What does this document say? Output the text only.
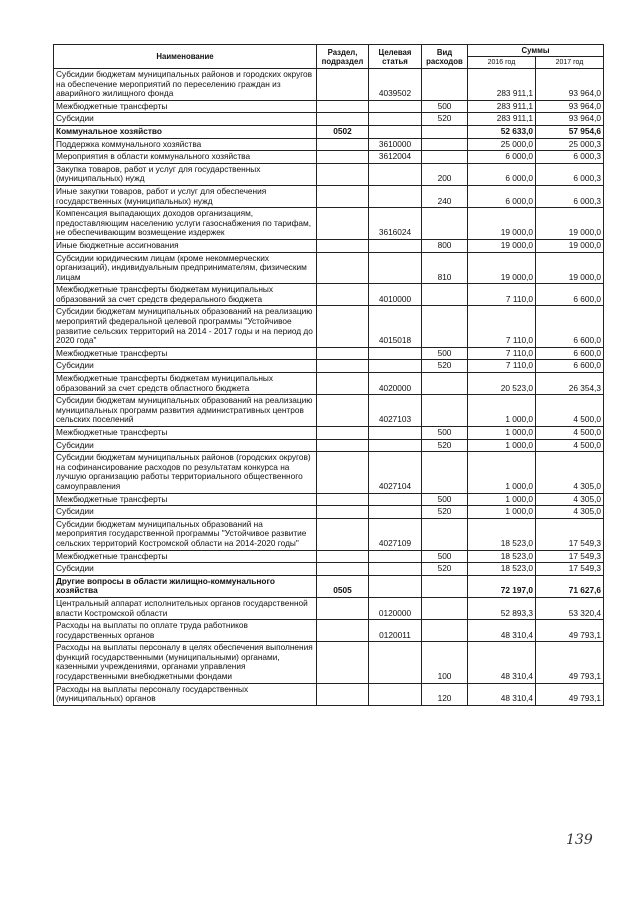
Наименование	Раздел, подраздел	Целевая статья	Вид расходов	Суммы	
				2016 год	2017 год
Субсидии бюджетам муниципальных районов и городских округов на обеспечение мероприятий по переселению граждан из аварийного жилищного фонда		4039502		283 911,1	93 964,0
Межбюджетные трансферты			500	283 911,1	93 964,0
Субсидии			520	283 911,1	93 964,0
Коммунальное хозяйство	0502			52 633,0	57 954,6
Поддержка коммунального хозяйства		3610000		25 000,0	25 000,3
Мероприятия в области коммунального хозяйства		3612004		6 000,0	6 000,3
Закупка товаров, работ и услуг для государственных (муниципальных) нужд			200	6 000,0	6 000,3
Иные закупки товаров, работ и услуг для обеспечения государственных (муниципальных) нужд			240	6 000,0	6 000,3
Компенсация выпадающих доходов организациям, предоставляющим населению услуги газоснабжения по тарифам, не обеспечивающим возмещение издержек		3616024		19 000,0	19 000,0
Иные бюджетные ассигнования			800	19 000,0	19 000,0
Субсидии юридическим лицам (кроме некоммерческих организаций), индивидуальным предпринимателям, физическим лицам			810	19 000,0	19 000,0
Межбюджетные трансферты бюджетам муниципальных образований за счет средств федерального бюджета		4010000		7 110,0	6 600,0
Субсидии бюджетам муниципальных образований на реализацию мероприятий федеральной целевой программы "Устойчивое развитие сельских территорий на 2014 - 2017 годы и на период до 2020 года"		4015018		7 110,0	6 600,0
Межбюджетные трансферты			500	7 110,0	6 600,0
Субсидии			520	7 110,0	6 600,0
Межбюджетные трансферты бюджетам муниципальных образований за счет средств областного бюджета		4020000		20 523,0	26 354,3
Субсидии бюджетам муниципальных образований на реализацию муниципальных программ развития административных центров сельских поселений		4027103		1 000,0	4 500,0
Межбюджетные трансферты			500	1 000,0	4 500,0
Субсидии			520	1 000,0	4 500,0
Субсидии бюджетам муниципальных районов (городских округов) на софинансирование расходов по результатам конкурса на лучшую организацию работы территориального общественного самоуправления		4027104		1 000,0	4 305,0
Межбюджетные трансферты			500	1 000,0	4 305,0
Субсидии			520	1 000,0	4 305,0
Субсидии бюджетам муниципальных образований на мероприятия государственной программы "Устойчивое развитие сельских территорий Костромской области на 2014-2020 годы"		4027109		18 523,0	17 549,3
Межбюджетные трансферты			500	18 523,0	17 549,3
Субсидии			520	18 523,0	17 549,3
Другие вопросы в области жилищно-коммунального хозяйства	0505			72 197,0	71 627,6
Центральный аппарат исполнительных органов государственной власти Костромской области		0120000		52 893,3	53 320,4
Расходы на выплаты по оплате труда работников государственных органов		0120011		48 310,4	49 793,1
Расходы на выплаты персоналу в целях обеспечения выполнения функций государственными (муниципальными) органами, казенными учреждениями, органами управления государственными внебюджетными фондами			100	48 310,4	49 793,1
Расходы на выплаты персоналу государственных (муниципальных) органов			120	48 310,4	49 793,1
139
